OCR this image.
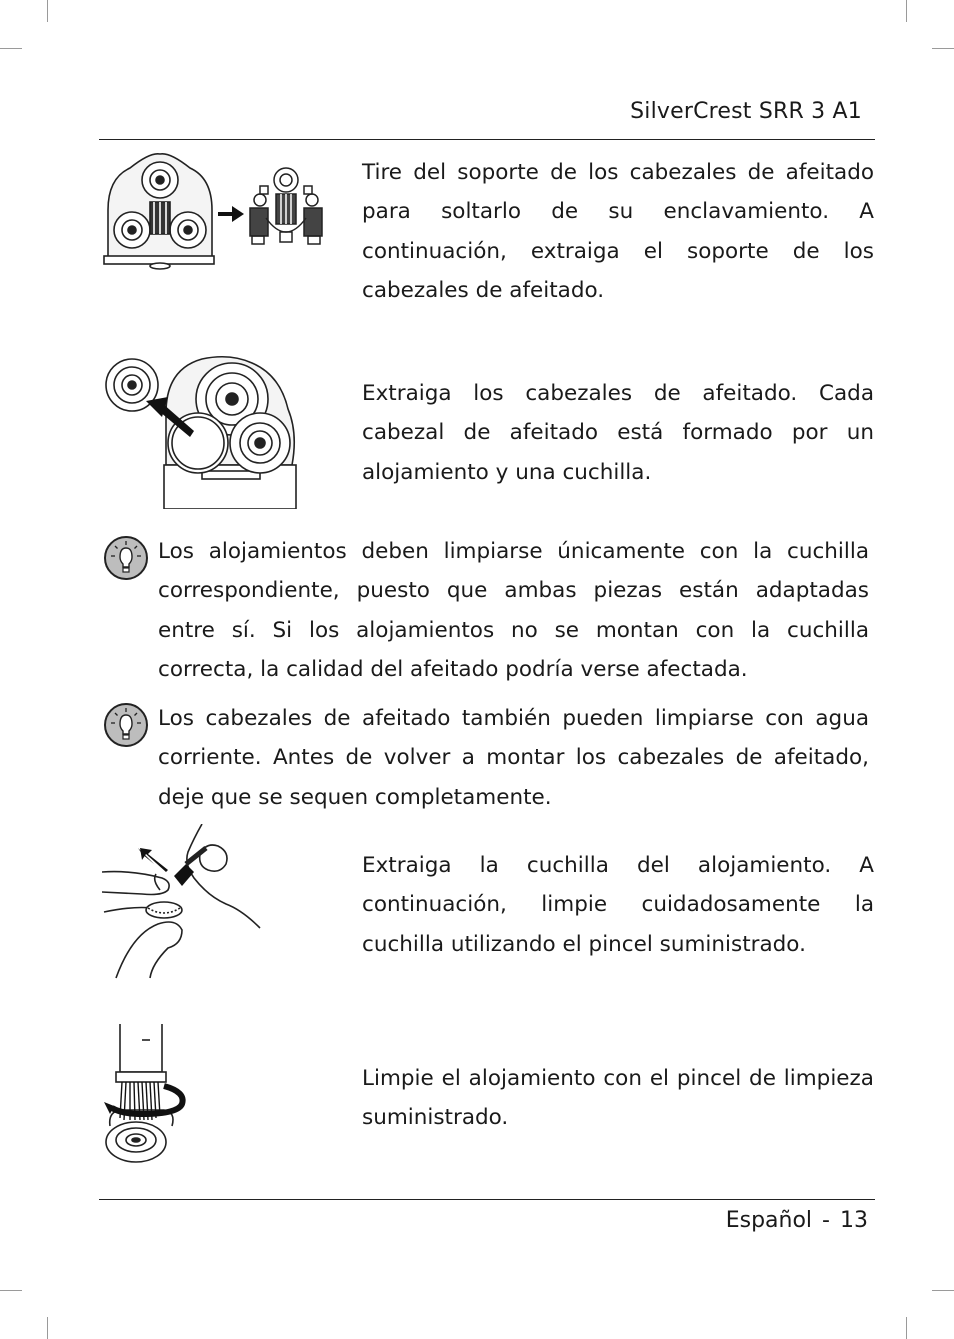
SilverCrest SRR 3 A1

Tire del soporte de los cabezales de afeitado para soltarlo de su enclavamiento. A continuación, extraiga el soporte de los cabezales de afeitado.

Extraiga los cabezales de afeitado. Cada cabezal de afeitado está formado por un alojamiento y una cuchilla.

Los alojamientos deben limpiarse únicamente con la cuchilla correspondiente, puesto que ambas piezas están adaptadas entre sí. Si los alojamientos no se montan con la cuchilla correcta, la calidad del afeitado podría verse afectada.

Los cabezales de afeitado también pueden limpiarse con agua corriente. Antes de volver a montar los cabezales de afeitado, deje que se sequen completamente.

Extraiga la cuchilla del alojamiento. A continuación, limpie cuidadosamente la cuchilla utilizando el pincel suministrado.

Limpie el alojamiento con el pincel de limpieza suministrado.

Español - 13
